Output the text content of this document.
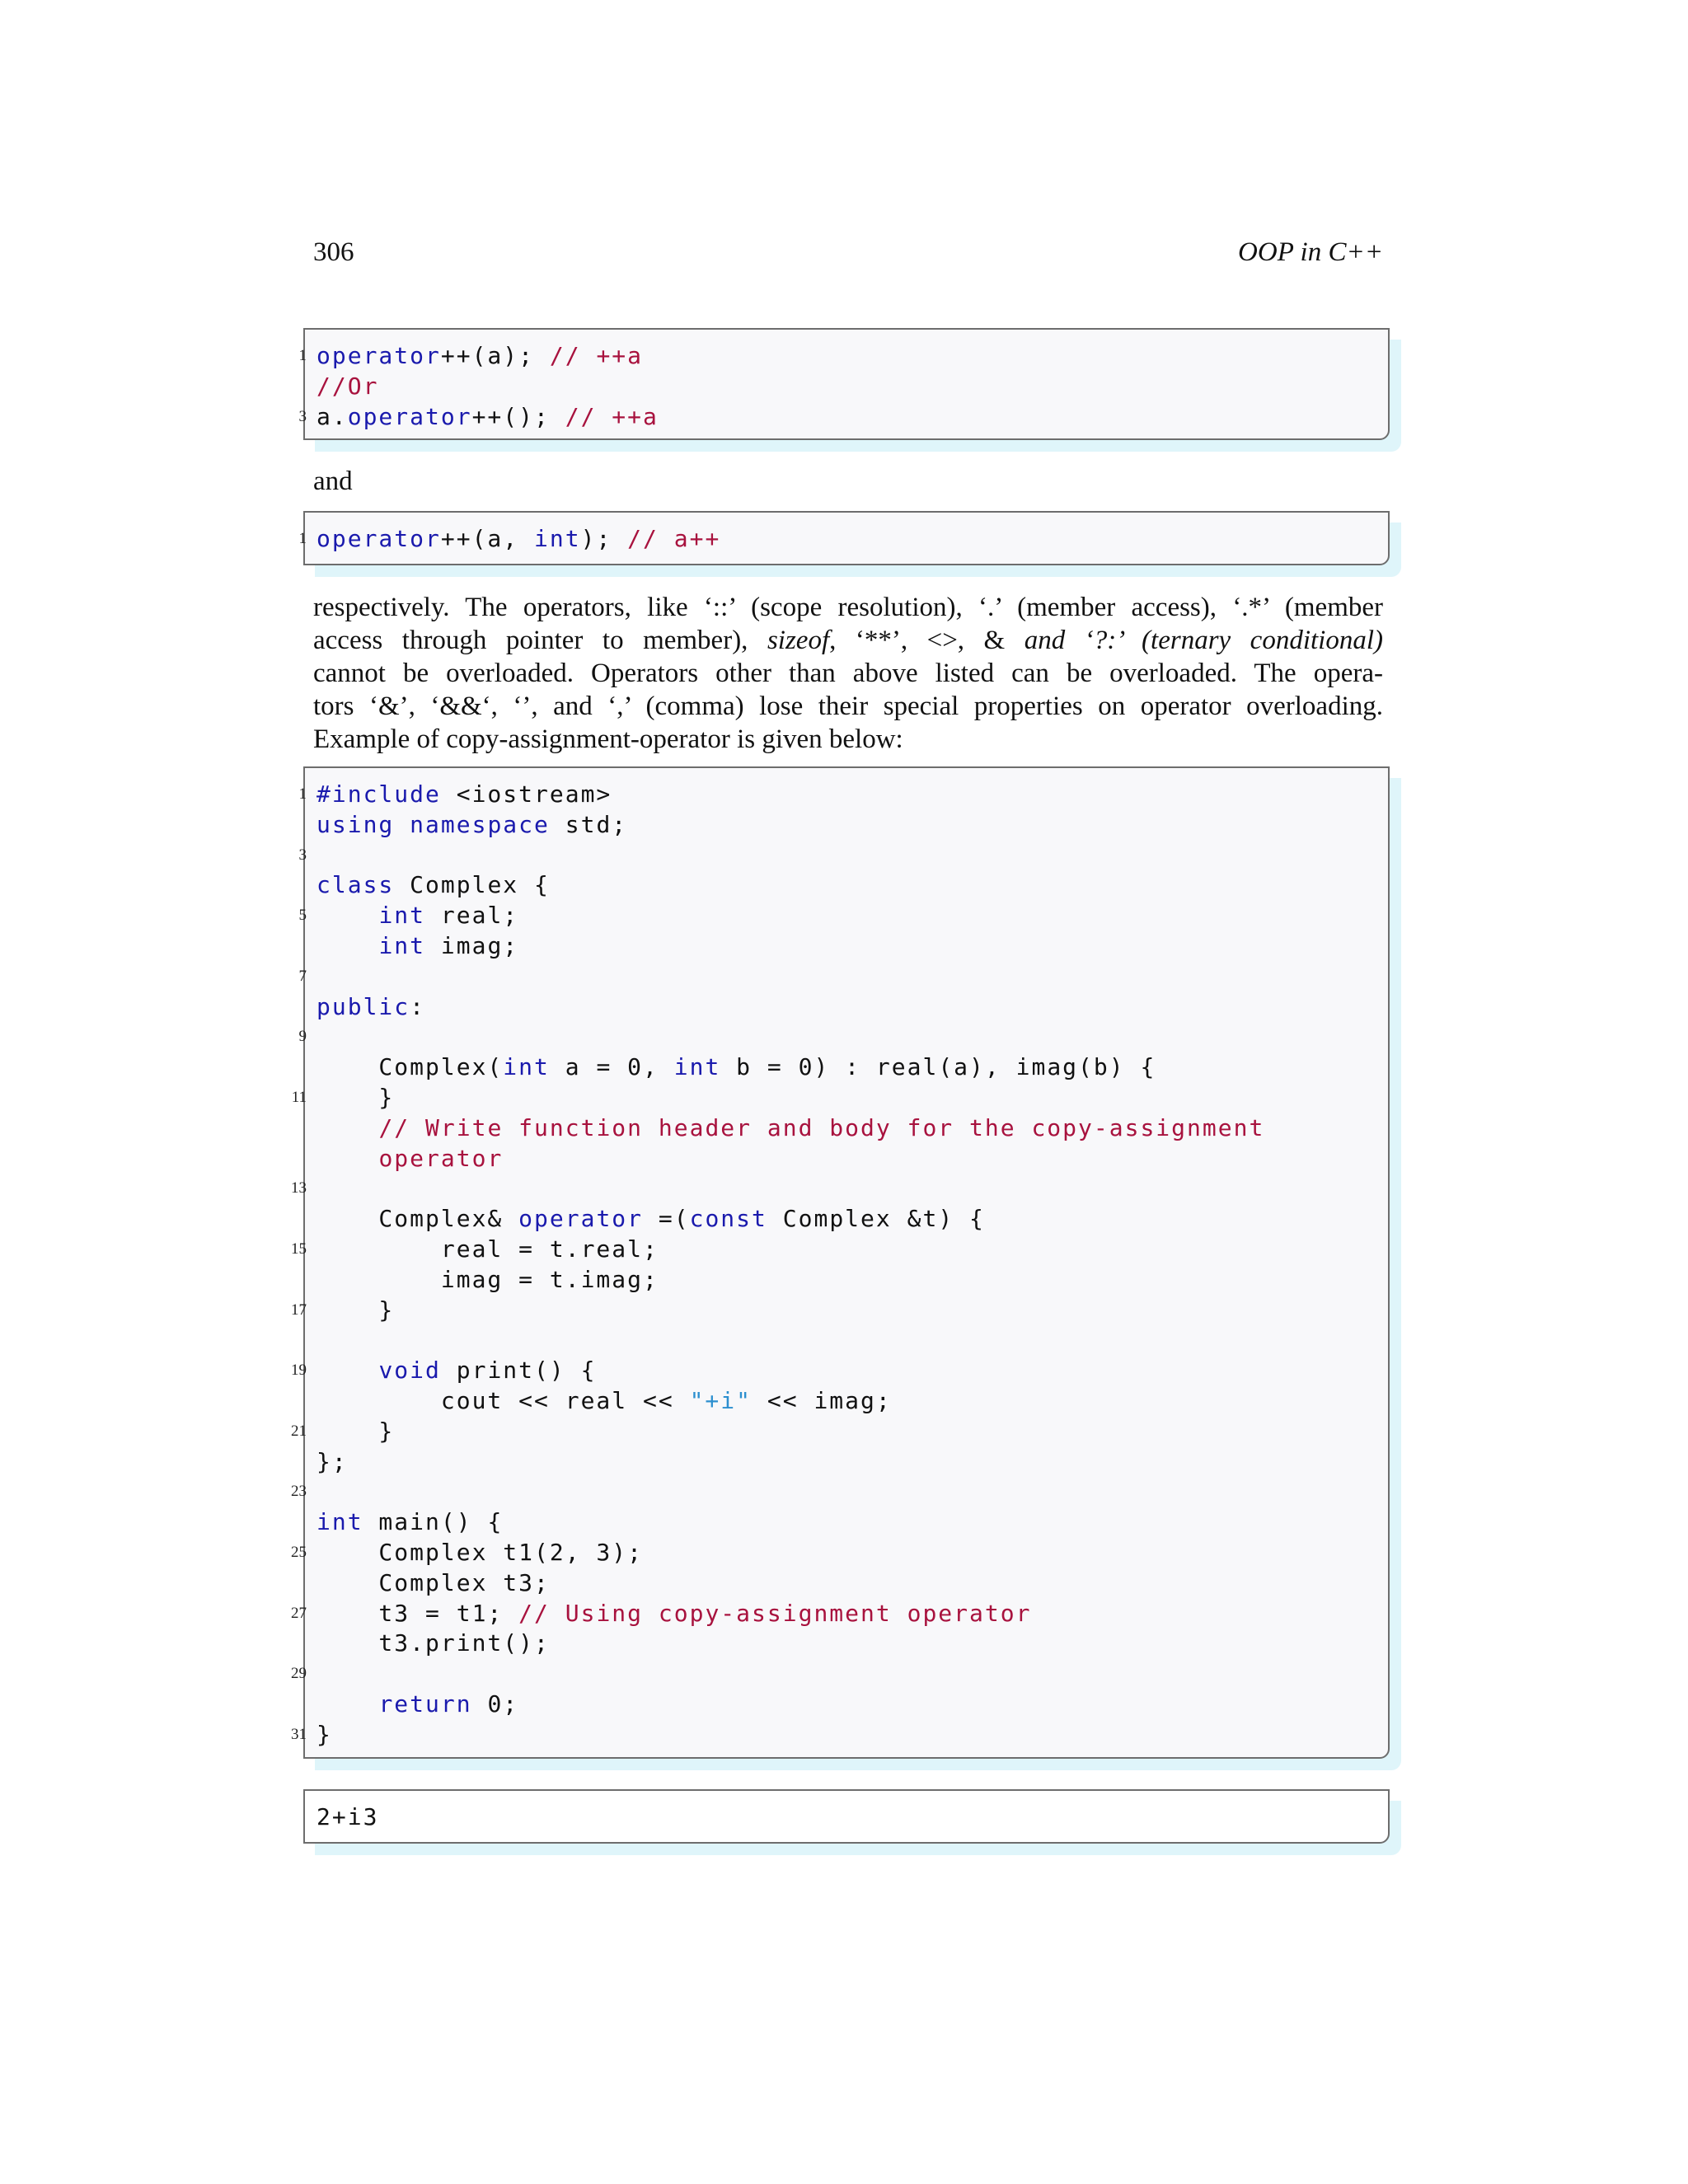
306	OOP in C++
1 operator++(a); // ++a
//Or
3 a.operator++(); // ++a
and
1 operator++(a, int); // a++
respectively. The operators, like ‘::’ (scope resolution), ‘.’ (member access), ‘.*’ (member
access through pointer to member), sizeof, ‘**’, <>, & and ‘?:’ (ternary conditional)
cannot be overloaded. Operators other than above listed can be overloaded. The opera-
tors ‘&’, ‘&&‘, ‘’, and ‘,’ (comma) lose their special properties on operator overloading.
Example of copy-assignment-operator is given below:
1 #include <iostream>
using namespace std;
3
class Complex {
5	int real;
int imag;
7
public:
9
Complex(int a = 0, int b = 0) : real(a), imag(b) {
11 }
// Write function header and body for the copy-assignment
operator
13
Complex& operator =(const Complex &t) {
15 real = t.real;
imag = t.imag;
17 }
19	void print() {
cout << real << "+i" << imag;
21 }
};
23
int main() {
25 Complex t1(2, 3);
Complex t3;
27 t3 = t1; // Using copy-assignment operator
t3.print();
29
return 0;
31 }
2+i3
